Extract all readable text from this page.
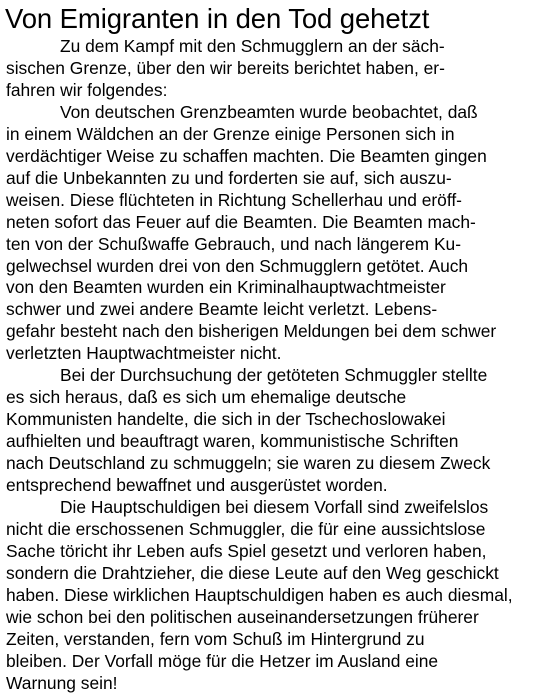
Von Emigranten in den Tod gehetzt
Zu dem Kampf mit den Schmugglern an der säch-
sischen Grenze, über den wir bereits berichtet haben, er-
fahren wir folgendes:
Von deutschen Grenzbeamten wurde beobachtet, daß
in einem Wäldchen an der Grenze einige Personen sich in
verdächtiger Weise zu schaffen machten. Die Beamten gingen
auf die Unbekannten zu und forderten sie auf, sich auszu-
weisen. Diese flüchteten in Richtung Schellerhau und eröff-
neten sofort das Feuer auf die Beamten. Die Beamten mach-
ten von der Schußwaffe Gebrauch, und nach längerem Ku-
gelwechsel wurden drei von den Schmugglern getötet. Auch
von den Beamten wurden ein Kriminalhauptwachtmeister
schwer und zwei andere Beamte leicht verletzt. Lebens-
gefahr besteht nach den bisherigen Meldungen bei dem schwer
verletzten Hauptwachtmeister nicht.
Bei der Durchsuchung der getöteten Schmuggler stellte
es sich heraus, daß es sich um ehemalige deutsche
Kommunisten handelte, die sich in der Tschechoslowakei
aufhielten und beauftragt waren, kommunistische Schriften
nach Deutschland zu schmuggeln; sie waren zu diesem Zweck
entsprechend bewaffnet und ausgerüstet worden.
Die Hauptschuldigen bei diesem Vorfall sind zweifelslos
nicht die erschossenen Schmuggler, die für eine aussichtslose
Sache töricht ihr Leben aufs Spiel gesetzt und verloren haben,
sondern die Drahtzieher, die diese Leute auf den Weg geschickt
haben. Diese wirklichen Hauptschuldigen haben es auch diesmal,
wie schon bei den politischen auseinandersetzungen früherer
Zeiten, verstanden, fern vom Schuß im Hintergrund zu
bleiben. Der Vorfall möge für die Hetzer im Ausland eine
Warnung sein!
